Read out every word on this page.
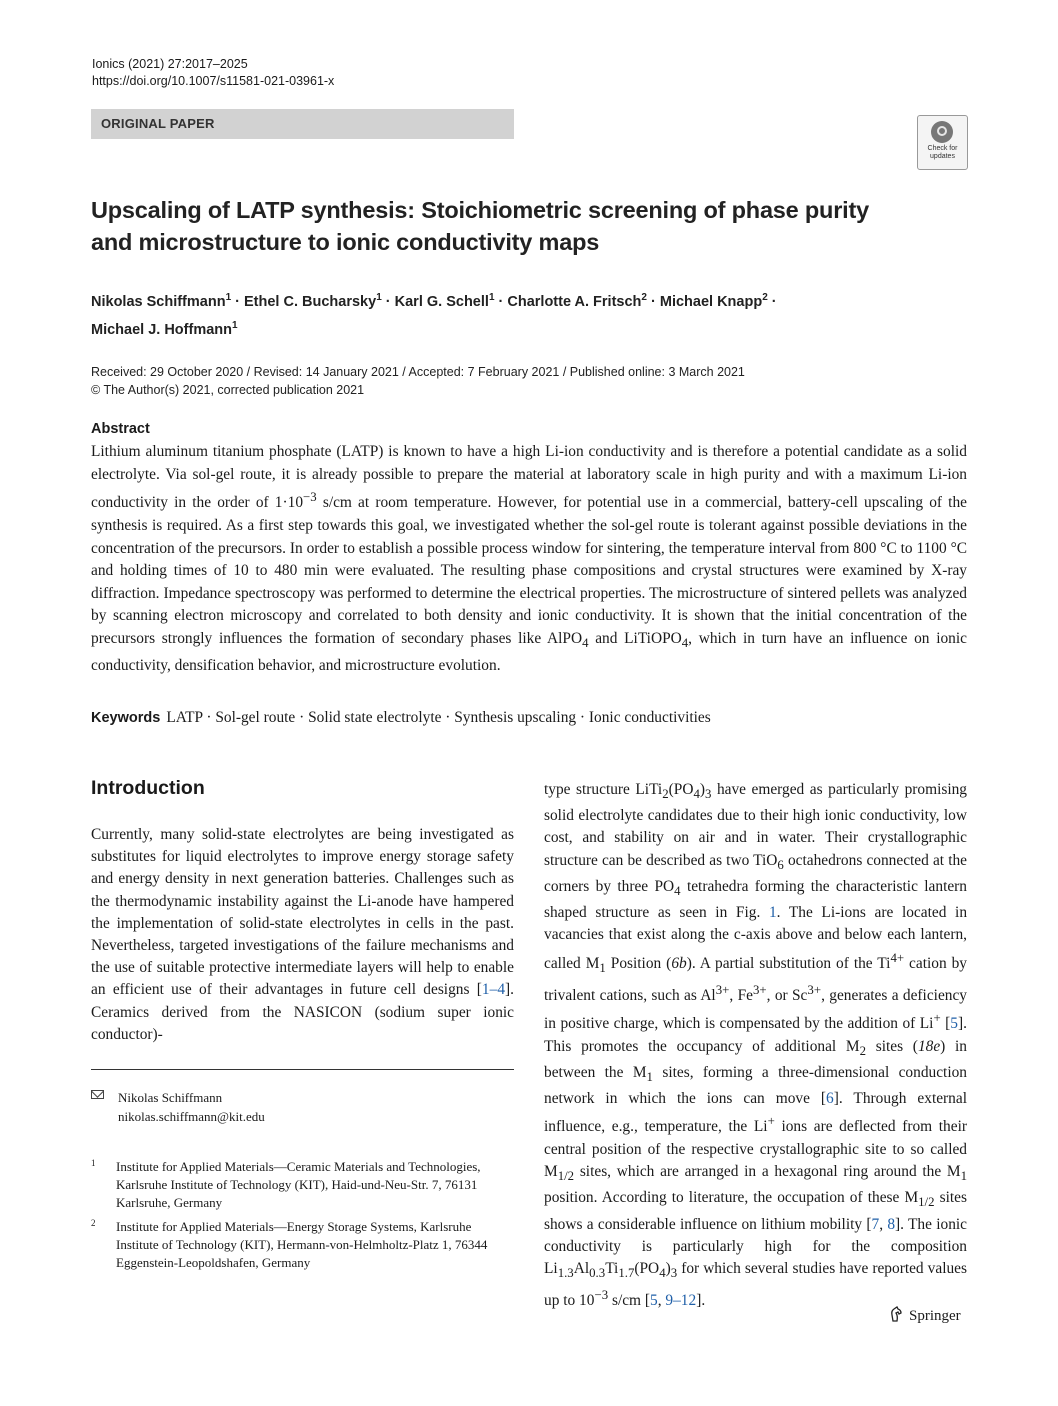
Ionics (2021) 27:2017–2025
https://doi.org/10.1007/s11581-021-03961-x
ORIGINAL PAPER
Check for updates
Upscaling of LATP synthesis: Stoichiometric screening of phase purity and microstructure to ionic conductivity maps
Nikolas Schiffmann$^1$ · Ethel C. Bucharsky$^1$ · Karl G. Schell$^1$ · Charlotte A. Fritsch$^2$ · Michael Knapp$^2$ ·
Michael J. Hoffmann$^1$
Received: 29 October 2020 / Revised: 14 January 2021 / Accepted: 7 February 2021 / Published online: 3 March 2021
© The Author(s) 2021, corrected publication 2021
Abstract
Lithium aluminum titanium phosphate (LATP) is known to have a high Li-ion conductivity and is therefore a potential candidate as a solid electrolyte. Via sol-gel route, it is already possible to prepare the material at laboratory scale in high purity and with a maximum Li-ion conductivity in the order of $1\cdot 10^{-3}$ s/cm at room temperature. However, for potential use in a commercial, battery-cell upscaling of the synthesis is required. As a first step towards this goal, we investigated whether the sol-gel route is tolerant against possible deviations in the concentration of the precursors. In order to establish a possible process window for sintering, the temperature interval from 800 °C to 1100 °C and holding times of 10 to 480 min were evaluated. The resulting phase compositions and crystal structures were examined by X-ray diffraction. Impedance spectroscopy was performed to determine the electrical properties. The microstructure of sintered pellets was analyzed by scanning electron microscopy and correlated to both density and ionic conductivity. It is shown that the initial concentration of the precursors strongly influences the formation of secondary phases like AlPO$_4$ and LiTiOPO$_4$, which in turn have an influence on ionic conductivity, densification behavior, and microstructure evolution.
Keywords LATP · Sol-gel route · Solid state electrolyte · Synthesis upscaling · Ionic conductivities
Introduction
Currently, many solid-state electrolytes are being investigated as substitutes for liquid electrolytes to improve energy storage safety and energy density in next generation batteries. Challenges such as the thermodynamic instability against the Li-anode have hampered the implementation of solid-state electrolytes in cells in the past. Nevertheless, targeted investigations of the failure mechanisms and the use of suitable protective intermediate layers will help to enable an efficient use of their advantages in future cell designs [1–4]. Ceramics derived from the NASICON (sodium super ionic conductor)-
type structure $LiTi_2(PO_4)_3$ have emerged as particularly promising solid electrolyte candidates due to their high ionic conductivity, low cost, and stability on air and in water. Their crystallographic structure can be described as two TiO$_6$ octahedrons connected at the corners by three $PO_4$ tetrahedra forming the characteristic lantern shaped structure as seen in Fig. 1. The Li-ions are located in vacancies that exist along the c-axis above and below each lantern, called $M_1$ Position (6b). A partial substitution of the $Ti^{4+}$ cation by trivalent cations, such as $Al^{3+}$, $Fe^{3+}$, or $Sc^{3+}$, generates a deficiency in positive charge, which is compensated by the addition of Li+ [5]. This promotes the occupancy of additional $M_2$ sites (18e) in between the $M_1$ sites, forming a three-dimensional conduction network in which the ions can move [6]. Through external influence, e.g., temperature, the Li+ ions are deflected from their central position of the respective crystallographic site to so called $M_{1/2}$ sites, which are arranged in a hexagonal ring around the $M_1$ position. According to literature, the occupation of these $M_{1/2}$ sites shows a considerable influence on lithium mobility [7, 8]. The ionic conductivity is particularly high for the composition $Li_{1.3}Al_{0.3}Ti_{1.7}(PO_4)_3$ for which several studies have reported values up to $10^{-3}$ s/cm [5, 9–12].
Nikolas Schiffmann
nikolas.schiffmann@kit.edu
1 Institute for Applied Materials—Ceramic Materials and Technologies, Karlsruhe Institute of Technology (KIT), Haid-und-Neu-Str. 7, 76131 Karlsruhe, Germany
2 Institute for Applied Materials—Energy Storage Systems, Karlsruhe Institute of Technology (KIT), Hermann-von-Helmholtz-Platz 1, 76344 Eggenstein-Leopoldshafen, Germany
Springer
